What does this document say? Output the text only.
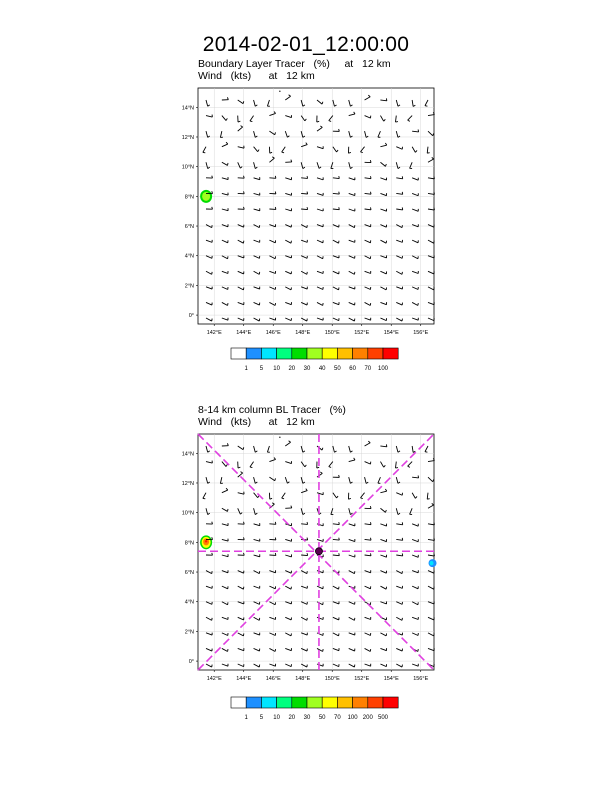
2014-02-01_12:00:00
Boundary Layer Tracer   (%)     at   12 km
Wind   (kts)      at   12 km
8-14 km column BL Tracer   (%)
Wind   (kts)      at   12 km
•
0°
2°N
4°N
6°N
8°N
10°N
12°N
14°N
142°E	144°E	146°E	148°E	150°E	152°E	154°E	156°E
1 5 10 20 30 40 50 60 70 100
•
0°
2°N
4°N
6°N
8°N
10°N
12°N
14°N
142°E	144°E	146°E	148°E	150°E	152°E	154°E	156°E
1 5 10 20 30 50 70 100 200 500
